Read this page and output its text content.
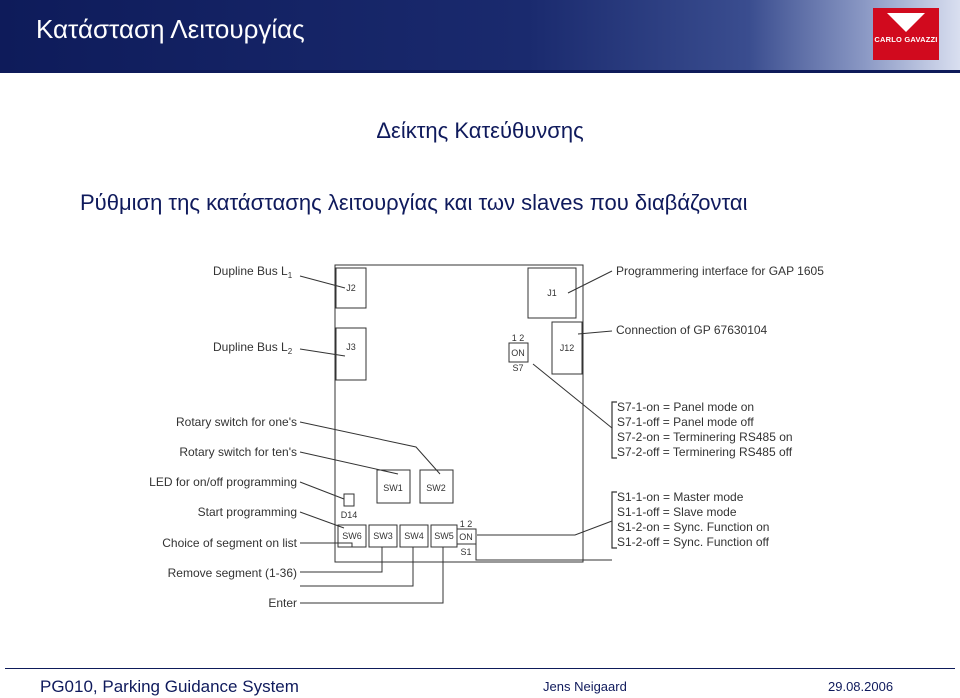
Κατάσταση Λειτουργίας	CARLO GAVAZZI
Δείκτης Κατεύθυνσης
Ρύθμιση της κατάστασης λειτουργίας και των slaves που διαβάζονται
Dupline Bus $L_1$
Dupline Bus $L_2$
Rotary switch for one's
Rotary switch for ten's
LED for on/off programming
Start programming
Choice of segment on list
Remove segment (1-36)
Enter
Programmering interface for GAP 1605
Connection of GP 67630104
S7-1-on = Panel mode on
S7-1-off = Panel mode off
S7-2-on = Terminering RS485 on
S7-2-off = Terminering RS485 off
S1-1-on = Master mode
S1-1-off = Slave mode
S1-2-on = Sync. Function on
S1-2-off = Sync. Function off
J2
J3
J1
J12
1 2
ON
S7
SW1	SW2
D14
SW6 SW3 SW4 SW5
1 2
ON
S1
PG010, Parking Guidance System	Jens Neigaard	29.08.2006
